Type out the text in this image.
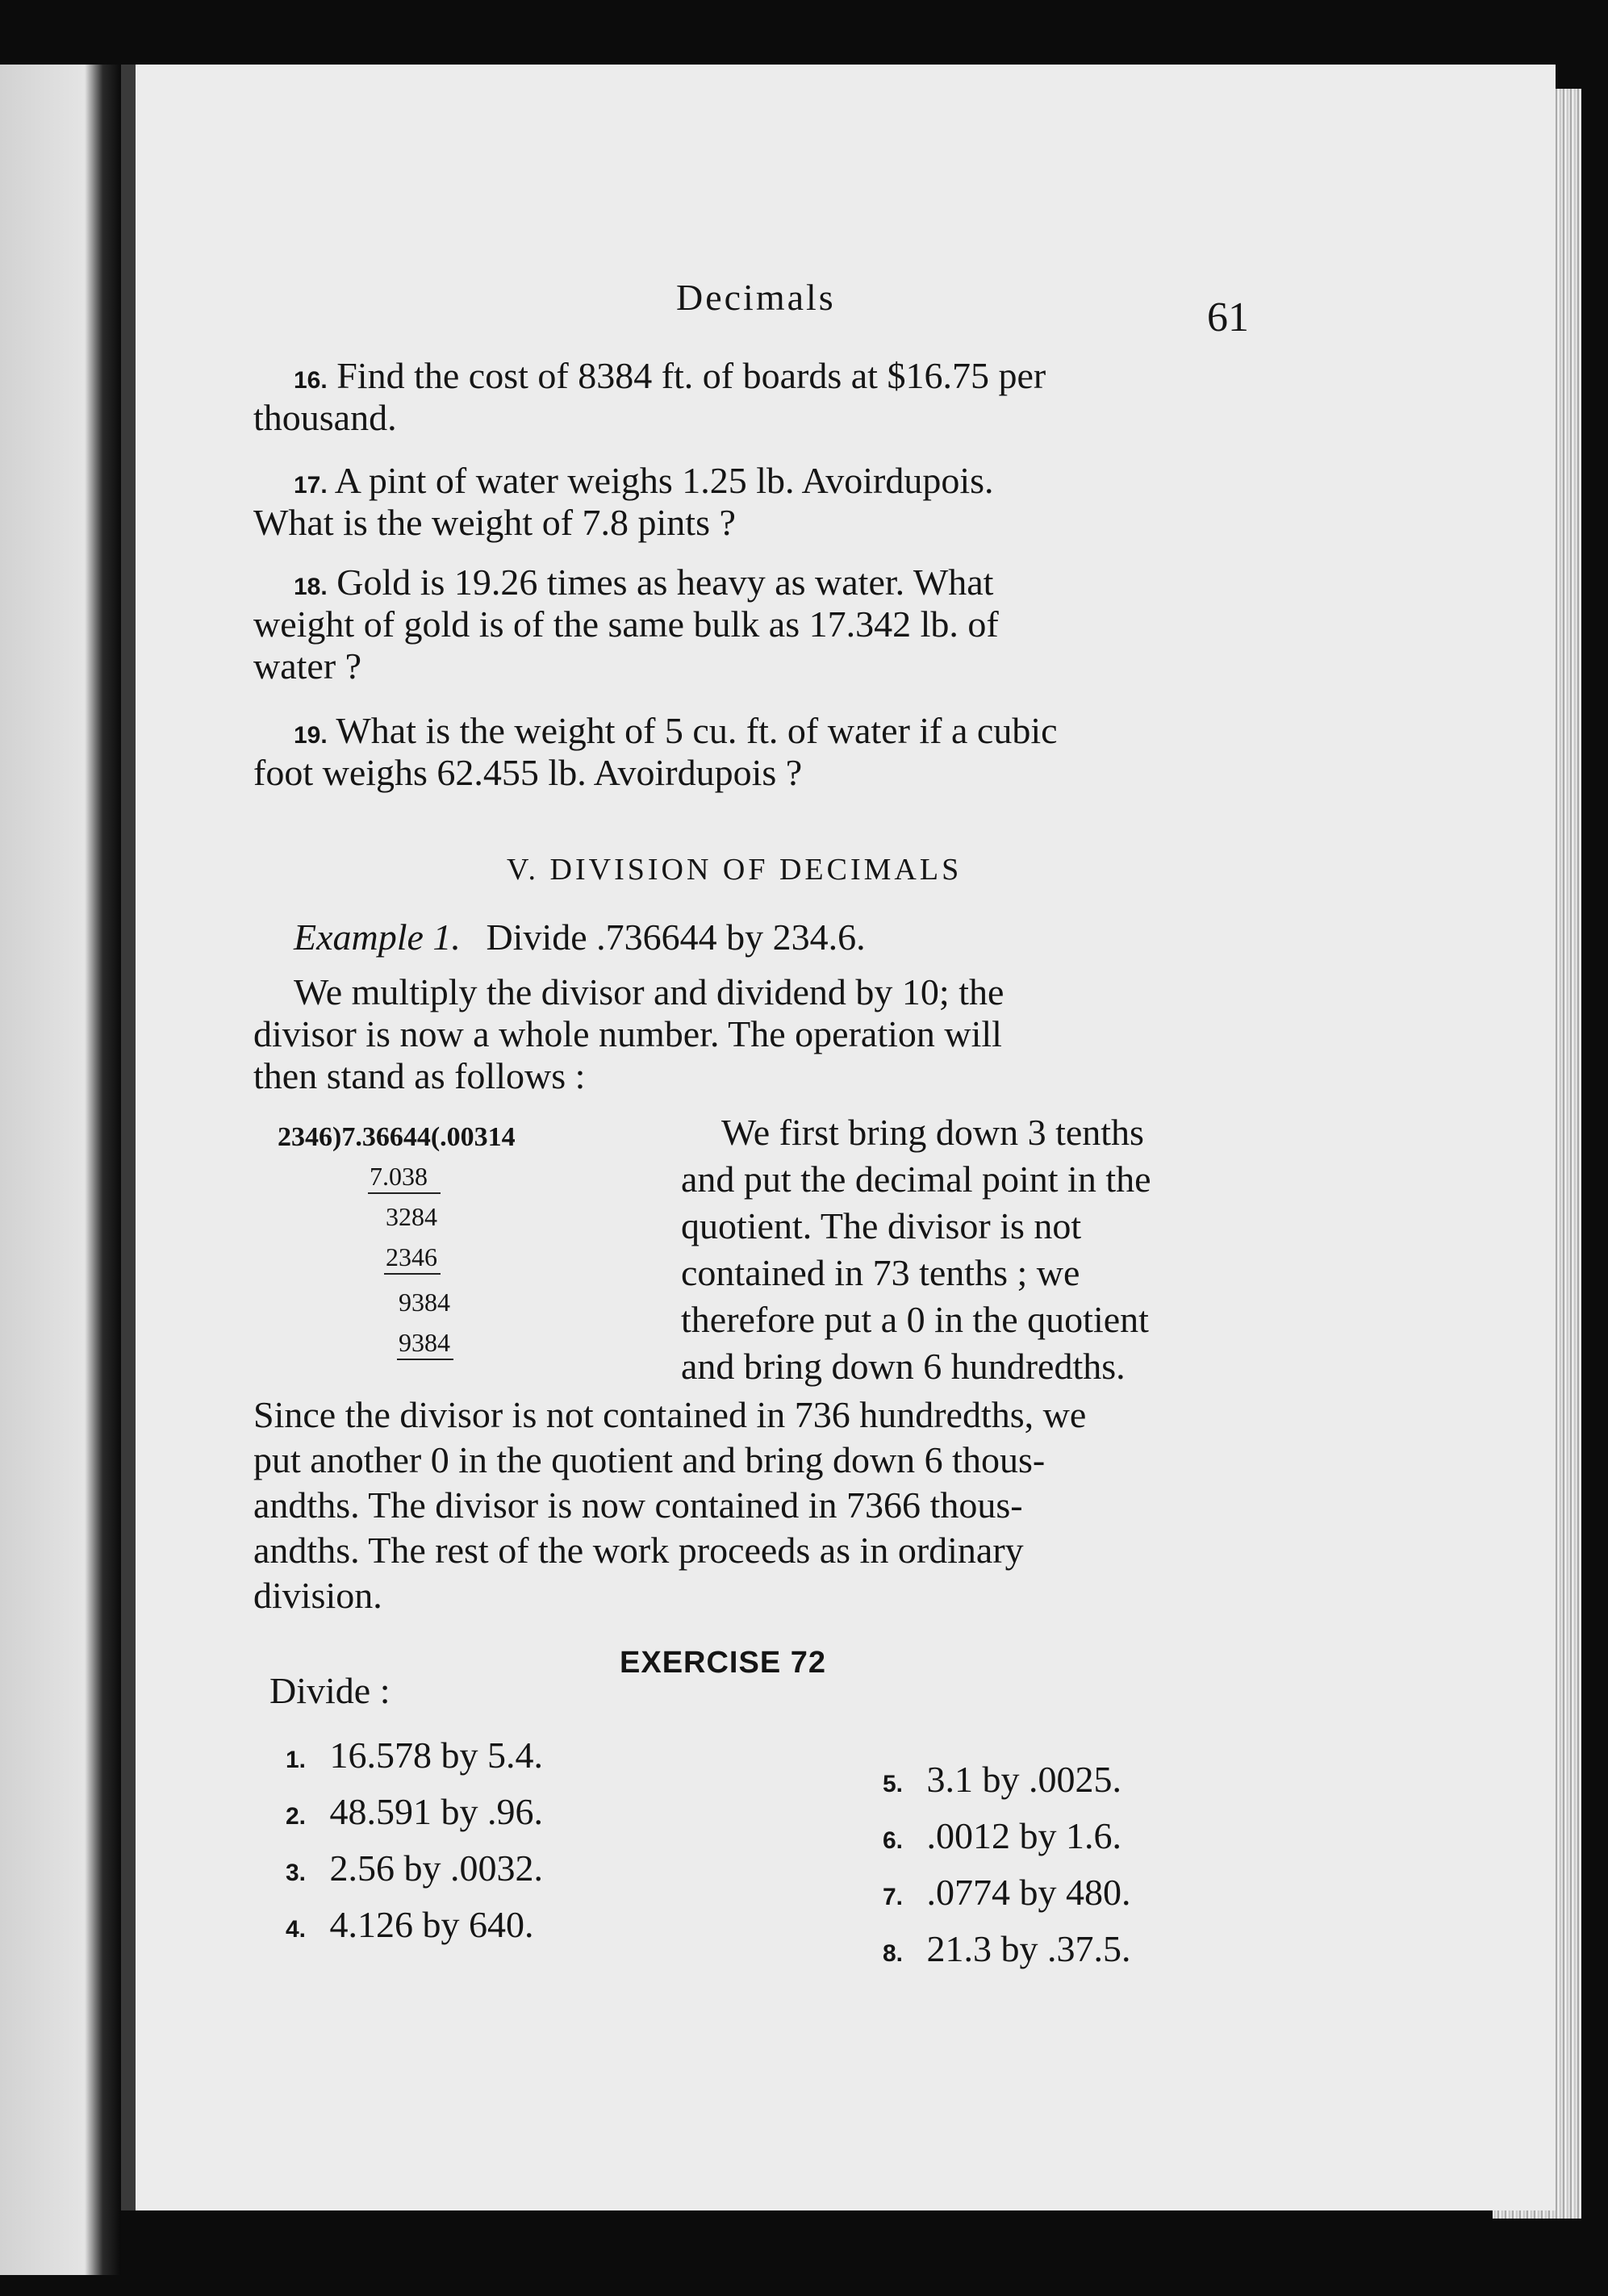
Decimals	61
16. Find the cost of 8384 ft. of boards at $16.75 per
thousand.
17. A pint of water weighs 1.25 lb. Avoirdupois.
What is the weight of 7.8 pints ?
18. Gold is 19.26 times as heavy as water. What
weight of gold is of the same bulk as 17.342 lb. of
water ?
19. What is the weight of 5 cu. ft. of water if a cubic
foot weighs 62.455 lb. Avoirdupois ?
V. DIVISION OF DECIMALS
Example 1. Divide .736644 by 234.6.
We multiply the divisor and dividend by 10; the
divisor is now a whole number. The operation will
then stand as follows :
2346)7.36644(.00314
7.038
3284
2346
9384
9384
We first bring down 3 tenths
and put the decimal point in the
quotient. The divisor is not
contained in 73 tenths ; we
therefore put a 0 in the quotient
and bring down 6 hundredths.
Since the divisor is not contained in 736 hundredths, we
put another 0 in the quotient and bring down 6 thous-
andths. The divisor is now contained in 7366 thous-
andths. The rest of the work proceeds as in ordinary
division.
EXERCISE 72
Divide :
1. 16.578 by 5.4.
2. 48.591 by .96.
3. 2.56 by .0032.
4. 4.126 by 640.
5. 3.1 by .0025.
6. .0012 by 1.6.
7. .0774 by 480.
8. 21.3 by .37.5.
